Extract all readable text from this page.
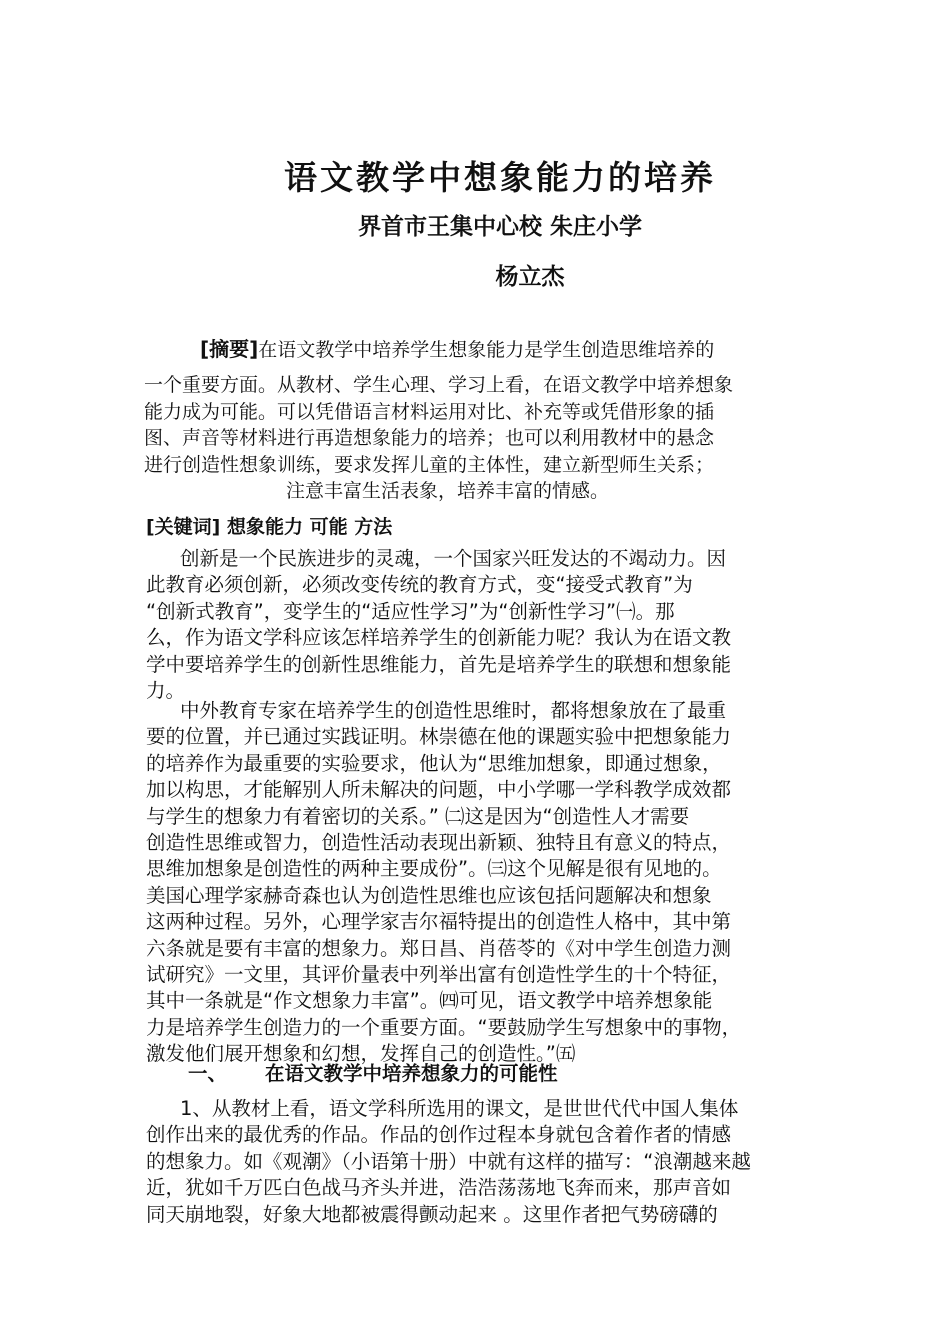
语文教学中想象能力的培养
界首市王集中心校 朱庄小学
杨立杰
[摘要]在语文教学中培养学生想象能力是学生创造思维培养的
一个重要方面。从教材、学生心理、学习上看，在语文教学中培养想象
能力成为可能。可以凭借语言材料运用对比、补充等或凭借形象的插
图、声音等材料进行再造想象能力的培养；也可以利用教材中的悬念
进行创造性想象训练，要求发挥儿童的主体性，建立新型师生关系；
注意丰富生活表象，培养丰富的情感。
[关键词] 想象能力 可能 方法
创新是一个民族进步的灵魂，一个国家兴旺发达的不竭动力。因
此教育必须创新，必须改变传统的教育方式，变“接受式教育”为
“创新式教育”，变学生的“适应性学习”为“创新性学习”㈠。那
么，作为语文学科应该怎样培养学生的创新能力呢？我认为在语文教
学中要培养学生的创新性思维能力，首先是培养学生的联想和想象能
力。
中外教育专家在培养学生的创造性思维时，都将想象放在了最重
要的位置，并已通过实践证明。林崇德在他的课题实验中把想象能力
的培养作为最重要的实验要求，他认为“思维加想象，即通过想象，
加以构思，才能解别人所未解决的问题，中小学哪一学科教学成效都
与学生的想象力有着密切的关系。” ㈡这是因为“创造性人才需要
创造性思维或智力，创造性活动表现出新颖、独特且有意义的特点，
思维加想象是创造性的两种主要成份”。㈢这个见解是很有见地的。
美国心理学家赫奇森也认为创造性思维也应该包括问题解决和想象
这两种过程。另外，心理学家吉尔福特提出的创造性人格中，其中第
六条就是要有丰富的想象力。郑日昌、肖蓓苓的《对中学生创造力测
试研究》一文里，其评价量表中列举出富有创造性学生的十个特征，
其中一条就是“作文想象力丰富”。㈣可见，语文教学中培养想象能
力是培养学生创造力的一个重要方面。“要鼓励学生写想象中的事物，
激发他们展开想象和幻想，发挥自己的创造性。”㈤
一、 在语文教学中培养想象力的可能性
1、从教材上看，语文学科所选用的课文，是世世代代中国人集体
创作出来的最优秀的作品。作品的创作过程本身就包含着作者的情感
的想象力。如《观潮》（小语第十册）中就有这样的描写：“浪潮越来越
近，犹如千万匹白色战马齐头并进，浩浩荡荡地飞奔而来，那声音如
同天崩地裂，好象大地都被震得颤动起来 。这里作者把气势磅礴的
